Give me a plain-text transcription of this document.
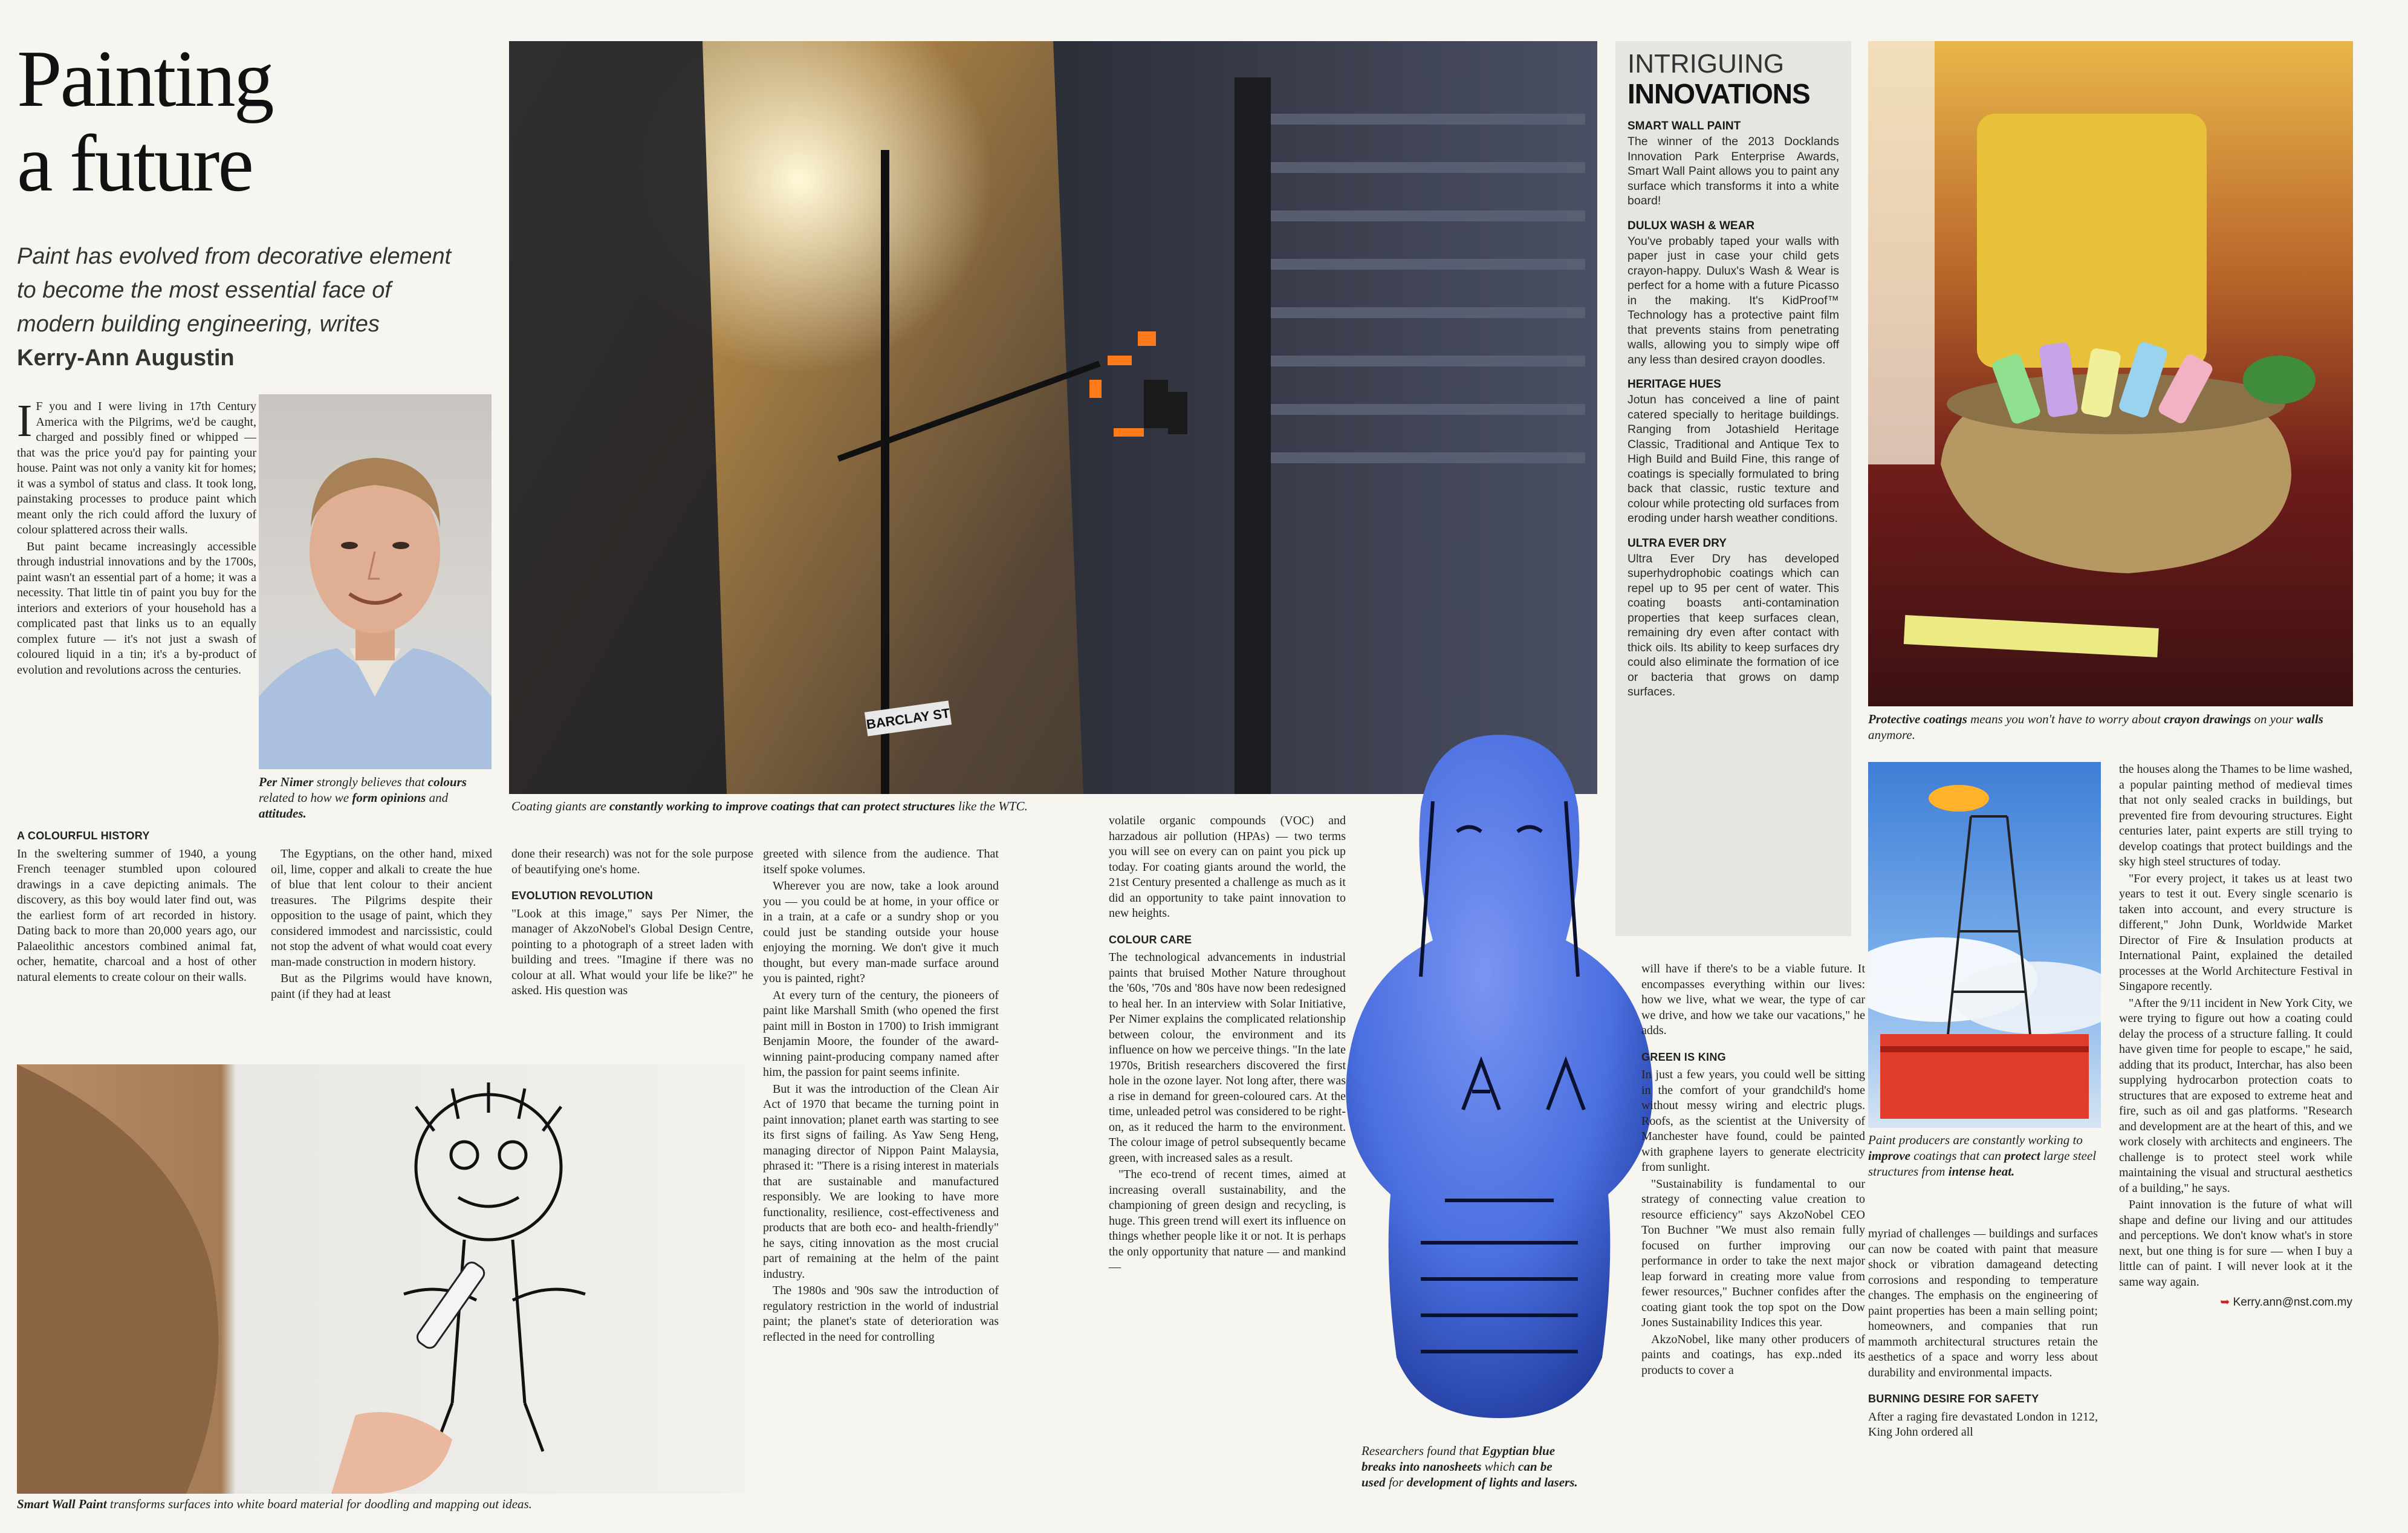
Painting
a future
Paint has evolved from decorative element to become the most essential face of modern building engineering, writes Kerry-Ann Augustin

I F you and I were living in 17th Century America with the Pilgrims, we'd be caught, charged and possibly fined or whipped — that was the price you'd pay for painting your house. Paint was not only a vanity kit for homes; it was a symbol of status and class. It took long, painstaking processes to produce paint which meant only the rich could afford the luxury of colour splattered across their walls.

But paint became increasingly accessible through industrial innovations and by the 1700s, paint wasn't an essential part of a home; it was a necessity. That little tin of paint you buy for the interiors and exteriors of your household has a complicated past that links us to an equally complex future — it's not just a swash of coloured liquid in a tin; it's a by-product of evolution and revolutions across the centuries.

Per Nimer strongly believes that colours related to how we form opinions and attitudes.
A COLOURFUL HISTORY

In the sweltering summer of 1940, a young French teenager stumbled upon coloured drawings in a cave depicting animals. The discovery, as this boy would later find out, was the earliest form of art recorded in history. Dating back to more than 20,000 years ago, our Palaeolithic ancestors combined animal fat, ocher, hematite, charcoal and a host of other natural elements to create colour on their walls.

The Egyptians, on the other hand, mixed oil, lime, copper and alkali to create the hue of blue that lent colour to their ancient treasures. The Pilgrims despite their opposition to the usage of paint, which they considered immodest and narcissistic, could not stop the advent of what would coat every man-made construction in modern history.

But as the Pilgrims would have known, paint (if they had at least

BARCLAY ST
Coating giants are constantly working to improve coatings that can protect structures like the WTC.

done their research) was not for the sole purpose of beautifying one's home.

EVOLUTION REVOLUTION

"Look at this image," says Per Nimer, the manager of AkzoNobel's Global Design Centre, pointing to a photograph of a street laden with building and trees. "Imagine if there was no colour at all. What would your life be like?" he asked. His question was

greeted with silence from the audience. That itself spoke volumes.

Wherever you are now, take a look around you — you could be at home, in your office or in a train, at a cafe or a sundry shop or you could just be standing outside your house enjoying the morning. We don't give it much thought, but every man-made surface around you is painted, right?

At every turn of the century, the pioneers of paint like Marshall Smith (who opened the first paint mill in Boston in 1700) to Irish immigrant Benjamin Moore, the founder of the award-winning paint-producing company named after him, the passion for paint seems infinite.

But it was the introduction of the Clean Air Act of 1970 that became the turning point in paint innovation; planet earth was starting to see its first signs of failing. As Yaw Seng Heng, managing director of Nippon Paint Malaysia, phrased it: "There is a rising interest in materials that are sustainable and manufactured responsibly. We are looking to have more functionality, resilience, cost-effectiveness and products that are both eco- and health-friendly" he says, citing innovation as the most crucial part of remaining at the helm of the paint industry.

The 1980s and '90s saw the introduction of regulatory restriction in the world of industrial paint; the planet's state of deterioration was reflected in the need for controlling

Smart Wall Paint transforms surfaces into white board material for doodling and mapping out ideas.

volatile organic compounds (VOC) and harzadous air pollution (HPAs) — two terms you will see on every can on paint you pick up today. For coating giants around the world, the 21st Century presented a challenge as much as it did an opportunity to take paint innovation to new heights.

COLOUR CARE

The technological advancements in industrial paints that bruised Mother Nature throughout the '60s, '70s and '80s have now been redesigned to heal her. In an interview with Solar Initiative, Per Nimer explains the complicated relationship between colour, the environment and its influence on how we perceive things. "In the late 1970s, British researchers discovered the first hole in the ozone layer. Not long after, there was a rise in demand for green-coloured cars. At the time, unleaded petrol was considered to be right-on, as it reduced the harm to the environment. The colour image of petrol subsequently became green, with increased sales as a result.

"The eco-trend of recent times, aimed at increasing overall sustainability, and the championing of green design and recycling, is huge. This green trend will exert its influence on things whether people like it or not. It is perhaps the only opportunity that nature — and mankind —

Researchers found that Egyptian blue breaks into nanosheets which can be used for development of lights and lasers.

will have if there's to be a viable future. It encompasses everything within our lives: how we live, what we wear, the type of car we drive, and how we take our vacations," he adds.

GREEN IS KING

In just a few years, you could well be sitting in the comfort of your grandchild's home without messy wiring and electric plugs. Roofs, as the scientist at the University of Manchester have found, could be painted with graphene layers to generate electricity from sunlight.

"Sustainability is fundamental to our strategy of connecting value creation to resource efficiency" says AkzoNobel CEO Ton Buchner "We must also remain fully focused on further improving our performance in order to take the next major leap forward in creating more value from fewer resources," Buchner confides after the coating giant took the top spot on the Dow Jones Sustainability Indices this year.

AkzoNobel, like many other producers of paints and coatings, has exp..nded its products to cover a

INTRIGUING
INNOVATIONS
SMART WALL PAINT

The winner of the 2013 Docklands Innovation Park Enterprise Awards, Smart Wall Paint allows you to paint any surface which transforms it into a white board!

DULUX WASH & WEAR

You've probably taped your walls with paper just in case your child gets crayon-happy. Dulux's Wash & Wear is perfect for a home with a future Picasso in the making. It's KidProof™ Technology has a protective paint film that prevents stains from penetrating walls, allowing you to simply wipe off any less than desired crayon doodles.

HERITAGE HUES

Jotun has conceived a line of paint catered specially to heritage buildings. Ranging from Jotashield Heritage Classic, Traditional and Antique Tex to High Build and Build Fine, this range of coatings is specially formulated to bring back that classic, rustic texture and colour while protecting old surfaces from eroding under harsh weather conditions.

ULTRA EVER DRY

Ultra Ever Dry has developed superhydrophobic coatings which can repel up to 95 per cent of water. This coating boasts anti-contamination properties that keep surfaces clean, remaining dry even after contact with thick oils. Its ability to keep surfaces dry could also eliminate the formation of ice or bacteria that grows on damp surfaces.

Protective coatings means you won't have to worry about crayon drawings on your walls anymore.
Paint producers are constantly working to improve coatings that can protect large steel structures from intense heat.

myriad of challenges — buildings and surfaces can now be coated with paint that measure shock or vibration damageand detecting corrosions and responding to temperature changes. The emphasis on the engineering of paint properties has been a main selling point; homeowners, and companies that run mammoth architectural structures retain the aesthetics of a space and worry less about durability and environmental impacts.

BURNING DESIRE FOR SAFETY

After a raging fire devastated London in 1212, King John ordered all

the houses along the Thames to be lime washed, a popular painting method of medieval times that not only sealed cracks in buildings, but prevented fire from devouring structures. Eight centuries later, paint experts are still trying to develop coatings that protect buildings and the sky high steel structures of today.

"For every project, it takes us at least two years to test it out. Every single scenario is taken into account, and every structure is different," John Dunk, Worldwide Market Director of Fire & Insulation products at International Paint, explained the detailed processes at the World Architecture Festival in Singapore recently.

"After the 9/11 incident in New York City, we were trying to figure out how a coating could delay the process of a structure falling. It could have given time for people to escape," he said, adding that its product, Interchar, has also been supplying hydrocarbon protection coats to structures that are exposed to extreme heat and fire, such as oil and gas platforms. "Research and development are at the heart of this, and we work closely with architects and engineers. The challenge is to protect steel work while maintaining the visual and structural aesthetics of a building," he says.

Paint innovation is the future of what will shape and define our living and our attitudes and perceptions. We don't know what's in store next, but one thing is for sure — when I buy a little can of paint. I will never look at it the same way again.

➥ Kerry.ann@nst.com.my
